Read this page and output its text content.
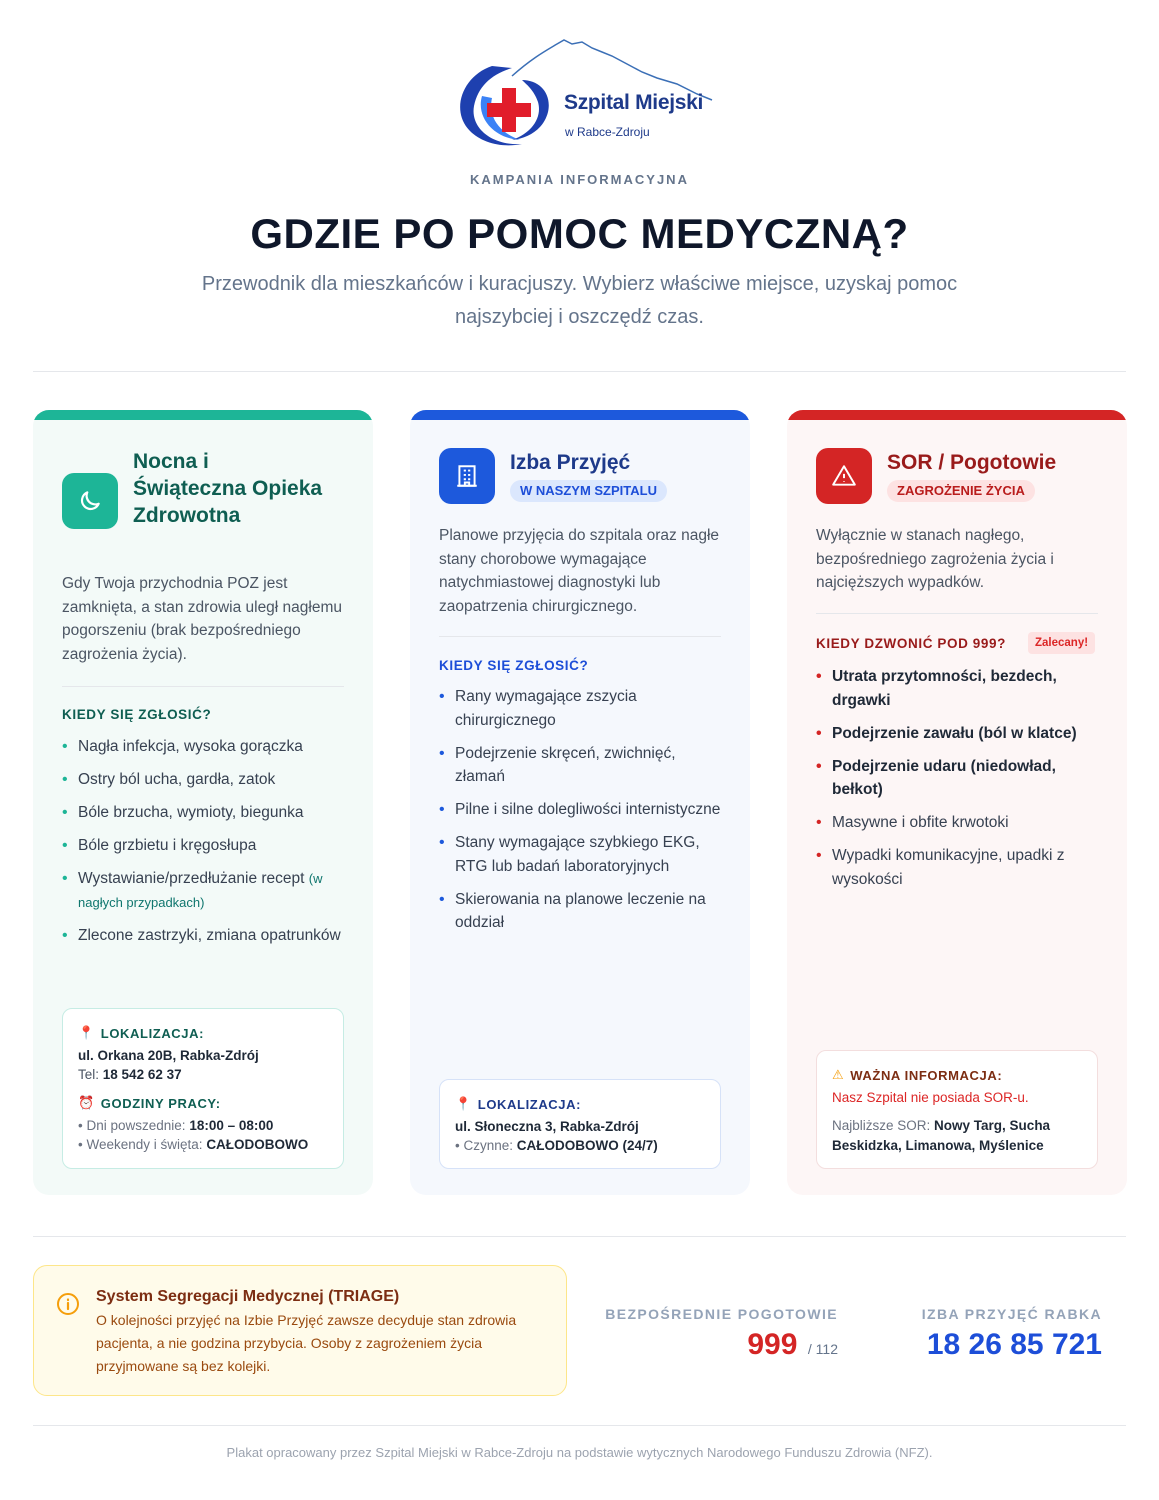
Szpital Miejski
w Rabce-Zdroju
KAMPANIA INFORMACYJNA
GDZIE PO POMOC MEDYCZNĄ?

Przewodnik dla mieszkańców i kuracjuszy. Wybierz właściwe miejsce, uzyskaj pomoc najszybciej i oszczędź czas.

Nocna i Świąteczna Opieka Zdrowotna
Gdy Twoja przychodnia POZ jest zamknięta, a stan zdrowia uległ nagłemu pogorszeniu (brak bezpośredniego zagrożenia życia).
KIEDY SIĘ ZGŁOSIĆ?
• Nagła infekcja, wysoka gorączka
• Ostry ból ucha, gardła, zatok
• Bóle brzucha, wymioty, biegunka
• Bóle grzbietu i kręgosłupa
• Wystawianie/przedłużanie recept (w nagłych przypadkach)
• Zlecone zastrzyki, zmiana opatrunków
📍 LOKALIZACJA:
ul. Orkana 20B, Rabka-Zdrój
Tel: 18 542 62 37
⏰ GODZINY PRACY:
• Dni powszednie: 18:00 – 08:00
• Weekendy i święta: CAŁODOBOWO
Izba Przyjęć
W NASZYM SZPITALU
Planowe przyjęcia do szpitala oraz nagłe stany chorobowe wymagające natychmiastowej diagnostyki lub zaopatrzenia chirurgicznego.
KIEDY SIĘ ZGŁOSIĆ?
• Rany wymagające zszycia chirurgicznego
• Podejrzenie skręceń, zwichnięć, złamań
• Pilne i silne dolegliwości internistyczne
• Stany wymagające szybkiego EKG, RTG lub badań laboratoryjnych
• Skierowania na planowe leczenie na oddział
📍 LOKALIZACJA:
ul. Słoneczna 3, Rabka-Zdrój
• Czynne: CAŁODOBOWO (24/7)
SOR / Pogotowie
ZAGROŻENIE ŻYCIA
Wyłącznie w stanach nagłego, bezpośredniego zagrożenia życia i najcięższych wypadków.
KIEDY DZWONIĆ POD 999?	Zalecany!
• Utrata przytomności, bezdech, drgawki
• Podejrzenie zawału (ból w klatce)
• Podejrzenie udaru (niedowład, bełkot)
• Masywne i obfite krwotoki
• Wypadki komunikacyjne, upadki z wysokości
⚠ WAŻNA INFORMACJA:
Nasz Szpital nie posiada SOR-u.
Najbliższe SOR: Nowy Targ, Sucha Beskidzka, Limanowa, Myślenice
System Segregacji Medycznej (TRIAGE)
O kolejności przyjęć na Izbie Przyjęć zawsze decyduje stan zdrowia pacjenta, a nie godzina przybycia. Osoby z zagrożeniem życia przyjmowane są bez kolejki.
BEZPOŚREDNIE POGOTOWIE
999 / 112
IZBA PRZYJĘĆ RABKA
18 26 85 721
Plakat opracowany przez Szpital Miejski w Rabce-Zdroju na podstawie wytycznych Narodowego Funduszu Zdrowia (NFZ).
